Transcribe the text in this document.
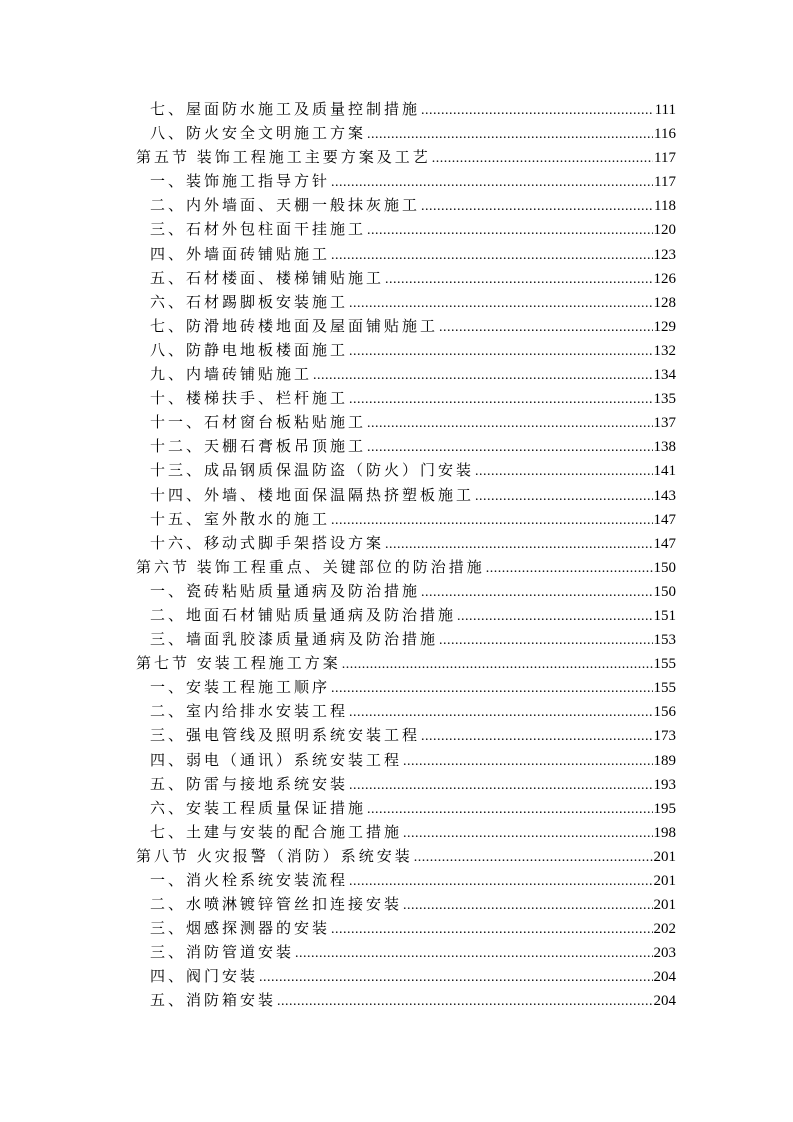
七、屋面防水施工及质量控制措施 .....	111
八、防火安全文明施工方案 .....	116
第五节 装饰工程施工主要方案及工艺 .....	117
一、装饰施工指导方针 .....	117
二、内外墙面、天棚一般抹灰施工 .....	118
三、石材外包柱面干挂施工 .....	120
四、外墙面砖铺贴施工 .....	123
五、石材楼面、楼梯铺贴施工 .....	126
六、石材踢脚板安装施工 .....	128
七、防滑地砖楼地面及屋面铺贴施工 .....	129
八、防静电地板楼面施工 .....	132
九、内墙砖铺贴施工 .....	134
十、楼梯扶手、栏杆施工 .....	135
十一、石材窗台板粘贴施工 .....	137
十二、天棚石膏板吊顶施工 .....	138
十三、成品钢质保温防盗（防火）门安装 .....	141
十四、外墙、楼地面保温隔热挤塑板施工 .....	143
十五、室外散水的施工 .....	147
十六、移动式脚手架搭设方案 .....	147
第六节 装饰工程重点、关键部位的防治措施 .....	150
一、瓷砖粘贴质量通病及防治措施 .....	150
二、地面石材铺贴质量通病及防治措施 .....	151
三、墙面乳胶漆质量通病及防治措施 .....	153
第七节 安装工程施工方案 .....	155
一、安装工程施工顺序 .....	155
二、室内给排水安装工程 .....	156
三、强电管线及照明系统安装工程 .....	173
四、弱电（通讯）系统安装工程 .....	189
五、防雷与接地系统安装 .....	193
六、安装工程质量保证措施 .....	195
七、土建与安装的配合施工措施 .....	198
第八节 火灾报警（消防）系统安装 .....	201
一、消火栓系统安装流程 .....	201
二、水喷淋镀锌管丝扣连接安装 .....	201
三、烟感探测器的安装 .....	202
三、消防管道安装 .....	203
四、阀门安装 .....	204
五、消防箱安装 .....	204
